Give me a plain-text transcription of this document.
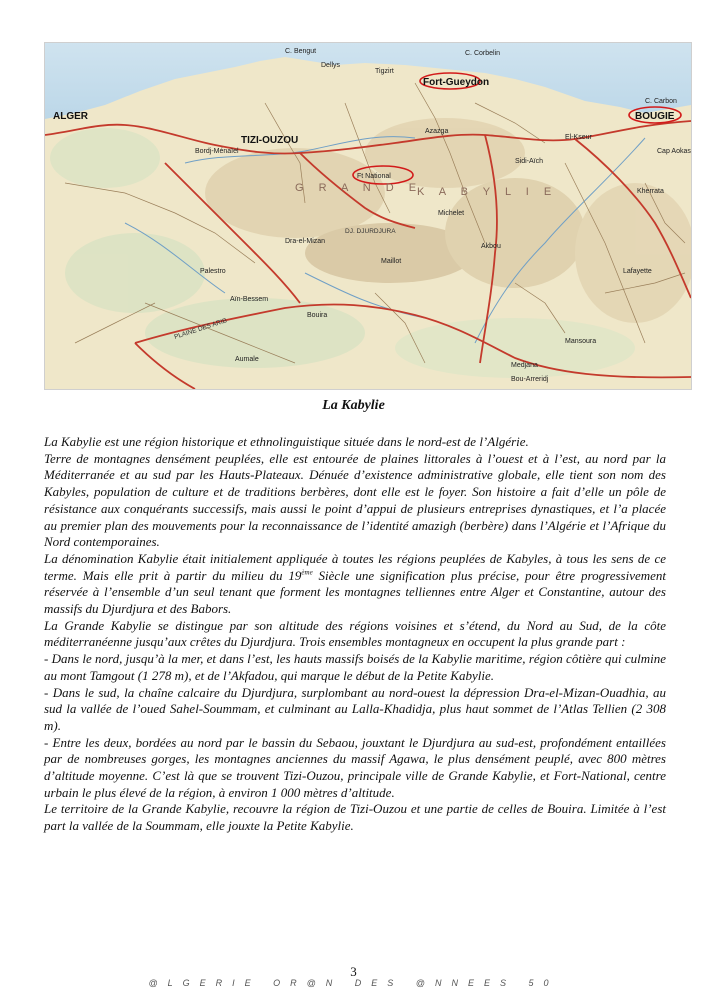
ALGER
TIZI-OUZOU
Fort-Gueydon
BOUGIE
Ft National
Dellys
Tigzirt
Azazga
Sidi-Aïch
Akbou
Michelet
Palestro
Bouira
Aumale
Medjana
Bou-Arreridj
Lafayette
Kherrata
DJ. DJURDJURA
Maillot
Aïn-Bessem
C. Bengut	C. Corbelin
C. Carbon
Cap Aokas
G R A N D E
K A B Y L I E
PLAINE DES ARIB
Bordj-Ménaïel
Dra-el-Mizan
El-Kseur
Mansoura
La Kabylie

La Kabylie est une région historique et ethnolinguistique située dans le nord-est de l’Algérie.

Terre de montagnes densément peuplées, elle est entourée de plaines littorales à l’ouest et à l’est, au nord par la Méditerranée et au sud par les Hauts-Plateaux. Dénuée d’existence administrative globale, elle tient son nom des Kabyles, population de culture et de traditions berbères, dont elle est le foyer. Son histoire a fait d’elle un pôle de résistance aux conquérants successifs, mais aussi le point d’appui de plusieurs entreprises dynastiques, et l’a placée au premier plan des mouvements pour la reconnaissance de l’identité amazigh (berbère) dans l’Algérie et l’Afrique du Nord contemporaines.

La dénomination Kabylie était initialement appliquée à toutes les régions peuplées de Kabyles, à tous les sens de ce terme. Mais elle prit à partir du milieu du 19ème Siècle une signification plus précise, pour être progressivement réservée à l’ensemble d’un seul tenant que forment les montagnes telliennes entre Alger et Constantine, autour des massifs du Djurdjura et des Babors.

La Grande Kabylie se distingue par son altitude des régions voisines et s’étend, du Nord au Sud, de la côte méditerranéenne jusqu’aux crêtes du Djurdjura. Trois ensembles montagneux en occupent la plus grande part :

- Dans le nord, jusqu’à la mer, et dans l’est, les hauts massifs boisés de la Kabylie maritime, région côtière qui culmine au mont Tamgout (1 278 m), et de l’Akfadou, qui marque le début de la Petite Kabylie.

- Dans le sud, la chaîne calcaire du Djurdjura, surplombant au nord-ouest la dépression Dra-el-Mizan-Ouadhia, au sud la vallée de l’oued Sahel-Soummam, et culminant au Lalla-Khadidja, plus haut sommet de l’Atlas Tellien (2 308 m).

- Entre les deux, bordées au nord par le bassin du Sebaou, jouxtant le Djurdjura au sud-est, profondément entaillées par de nombreuses gorges, les montagnes anciennes du massif Agawa, le plus densément peuplé, avec 800 mètres d’altitude moyenne. C’est là que se trouvent Tizi-Ouzou, principale ville de Grande Kabylie, et Fort-National, centre urbain le plus élevé de la région, à environ 1 000 mètres d’altitude.

Le territoire de la Grande Kabylie, recouvre la région de Tizi-Ouzou et une partie de celles de Bouira. Limitée à l’est part la vallée de la Soummam, elle jouxte la Petite Kabylie.

3
@LGERIE OR@N DES @NNEES 50
